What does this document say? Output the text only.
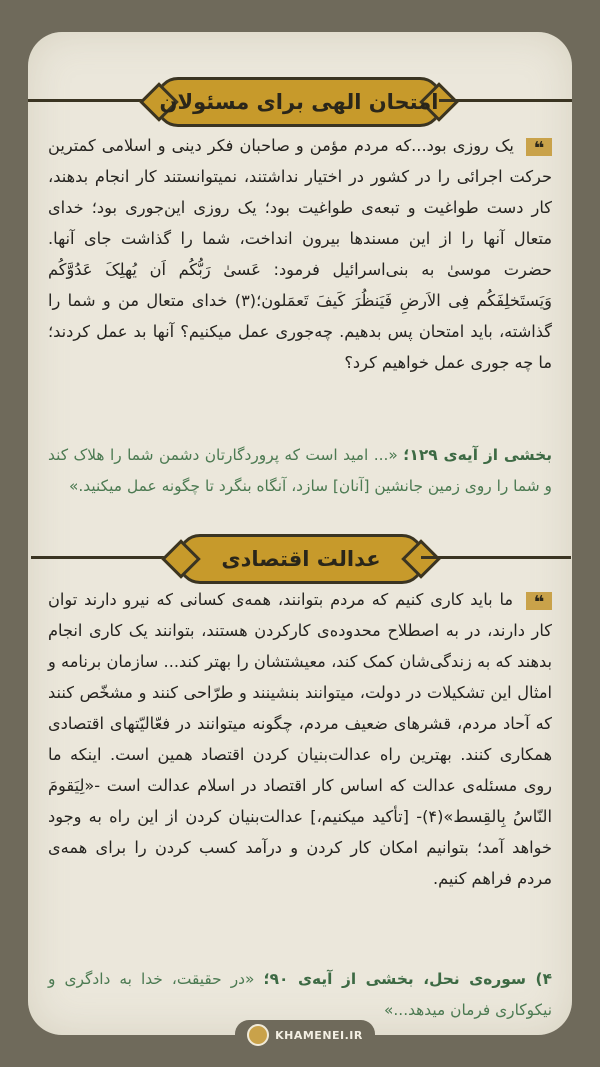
امتحان الهی برای مسئولان
❝ یک روزی بود...که مردم مؤمن و صاحبان فکر دینی و اسلامی کمترین حرکت اجرائی را در کشور در اختیار نداشتند، نمیتوانستند کار انجام بدهند، کار دست طواغیت و تبعه‌ی طواغیت بود؛ یک روزی این‌جوری بود؛ خدای متعال آنها را از این مسندها بیرون انداخت، شما را گذاشت جای آنها. حضرت موسیٰ به بنی‌اسرائیل فرمود: عَسىٰ رَبُّکُم اَن یُهلِکَ عَدُوَّکُم وَیَستَخلِفَکُم فِی الاَرضِ فَیَنظُرَ کَیفَ تَعمَلون؛(۳) خدای متعال من و شما را گذاشته، باید امتحان پس بدهیم. چه‌جوری عمل میکنیم؟ آنها بد عمل کردند؛ ما چه جوری عمل خواهیم کرد؟
بخشی از آیه‌ی ۱۲۹؛ «... امید است که پروردگارتان دشمن شما را هلاک کند و شما را روی زمین جانشین [آنان] سازد، آنگاه بنگرد تا چگونه عمل میکنید.»
عدالت اقتصادی
❝ ما باید کاری کنیم که مردم بتوانند، همه‌ی کسانی که نیرو دارند توان کار دارند، در به اصطلاح محدوده‌ی کارکردن هستند، بتوانند یک کاری انجام بدهند که به زندگی‌شان کمک کند، معیشتشان را بهتر کند... سازمان برنامه و امثال این تشکیلات در دولت، میتوانند بنشینند و طرّاحی کنند و مشخّص کنند که آحاد مردم، قشرهای ضعیف مردم، چگونه میتوانند در فعّالیّتهای اقتصادی همکاری کنند. بهترین راه عدالت‌بنیان کردن اقتصاد همین است. اینکه ما روی مسئله‌ی عدالت که اساس کار اقتصاد در اسلام عدالت است -«لِیَقومَ النّاسُ بِالقِسط»(۴)- [تأکید میکنیم،] عدالت‌بنیان کردن از این راه به وجود خواهد آمد؛ بتوانیم امکان کار کردن و درآمد کسب کردن را برای همه‌ی مردم فراهم کنیم.
۴) سوره‌ی نحل، بخشی از آیه‌ی ۹۰؛ «در حقیقت، خدا به دادگری و نیکوکاری فرمان میدهد...»
KHAMENEI.IR
